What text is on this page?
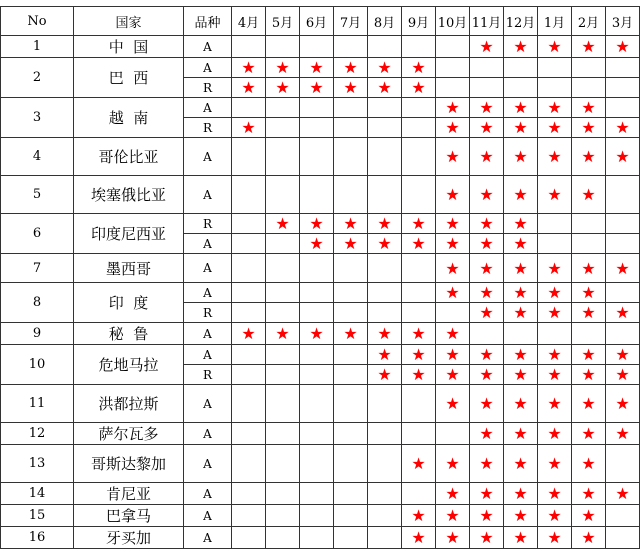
No	国家	品种	4月	5月	6月	7月	8月	9月	10月	11月	12月	1月	2月	3月
1	中  国	A								★	★	★	★	★
2	巴  西	A	★	★	★	★	★	★						
		R	★	★	★	★	★	★						
3	越  南	A							★	★	★	★	★	
		R	★						★	★	★	★	★	★
4	哥伦比亚	A							★	★	★	★	★	★
5	埃塞俄比亚	A							★	★	★	★	★	
6	印度尼西亚	R		★	★	★	★	★	★	★	★			
		A			★	★	★	★	★	★	★			
7	墨西哥	A							★	★	★	★	★	★
8	印  度	A							★	★	★	★	★	
		R								★	★	★	★	★
9	秘  鲁	A	★	★	★	★	★	★	★					
10	危地马拉	A					★	★	★	★	★	★	★	★
		R					★	★	★	★	★	★	★	★
11	洪都拉斯	A							★	★	★	★	★	★
12	萨尔瓦多	A								★	★	★	★	★
13	哥斯达黎加	A						★	★	★	★	★	★	
14	肯尼亚	A							★	★	★	★	★	★
15	巴拿马	A						★	★	★	★	★	★	
16	牙买加	A						★	★	★	★	★	★	
